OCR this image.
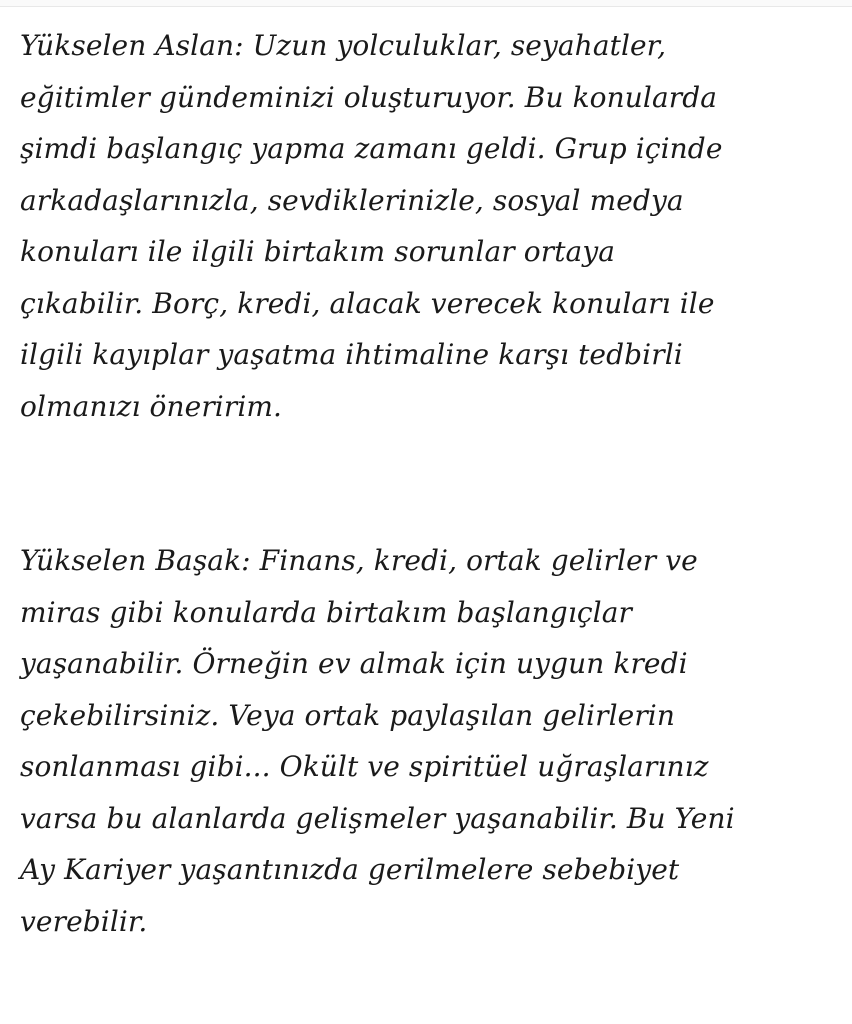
Yükselen Aslan: Uzun yolculuklar, seyahatler,
eğitimler gündeminizi oluşturuyor. Bu konularda
şimdi başlangıç yapma zamanı geldi. Grup içinde
arkadaşlarınızla, sevdiklerinizle, sosyal medya
konuları ile ilgili birtakım sorunlar ortaya
çıkabilir. Borç, kredi, alacak verecek konuları ile
ilgili kayıplar yaşatma ihtimaline karşı tedbirli
olmanızı öneririm.

Yükselen Başak: Finans, kredi, ortak gelirler ve
miras gibi konularda birtakım başlangıçlar
yaşanabilir. Örneğin ev almak için uygun kredi
çekebilirsiniz. Veya ortak paylaşılan gelirlerin
sonlanması gibi... Okült ve spiritüel uğraşlarınız
varsa bu alanlarda gelişmeler yaşanabilir. Bu Yeni
Ay Kariyer yaşantınızda gerilmelere sebebiyet
verebilir.
